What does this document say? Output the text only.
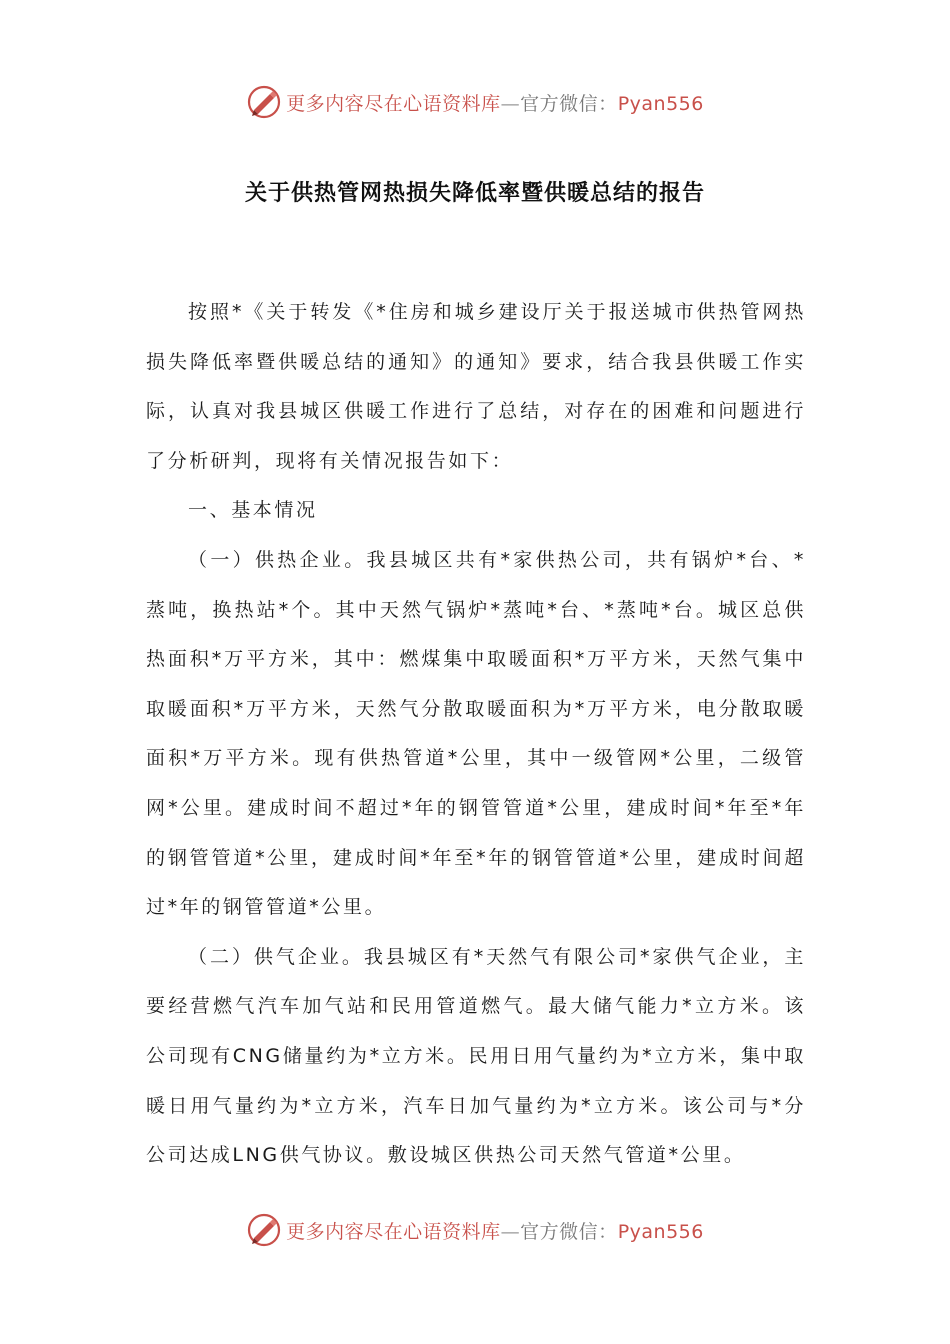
更多内容尽在心语资料库—官方微信：Pyan556
关于供热管网热损失降低率暨供暖总结的报告

按照*《关于转发《*住房和城乡建设厅关于报送城市供热管网热损失降低率暨供暖总结的通知》的通知》要求，结合我县供暖工作实际，认真对我县城区供暖工作进行了总结，对存在的困难和问题进行了分析研判，现将有关情况报告如下：

一、基本情况

（一）供热企业。我县城区共有*家供热公司，共有锅炉*台、*蒸吨，换热站*个。其中天然气锅炉*蒸吨*台、*蒸吨*台。城区总供热面积*万平方米，其中：燃煤集中取暖面积*万平方米，天然气集中取暖面积*万平方米，天然气分散取暖面积为*万平方米，电分散取暖面积*万平方米。现有供热管道*公里，其中一级管网*公里，二级管网*公里。建成时间不超过*年的钢管管道*公里，建成时间*年至*年的钢管管道*公里，建成时间*年至*年的钢管管道*公里，建成时间超过*年的钢管管道*公里。

（二）供气企业。我县城区有*天然气有限公司*家供气企业，主要经营燃气汽车加气站和民用管道燃气。最大储气能力*立方米。该公司现有CNG储量约为*立方米。民用日用气量约为*立方米，集中取暖日用气量约为*立方米，汽车日加气量约为*立方米。该公司与*分公司达成LNG供气协议。敷设城区供热公司天然气管道*公里。

更多内容尽在心语资料库—官方微信：Pyan556
